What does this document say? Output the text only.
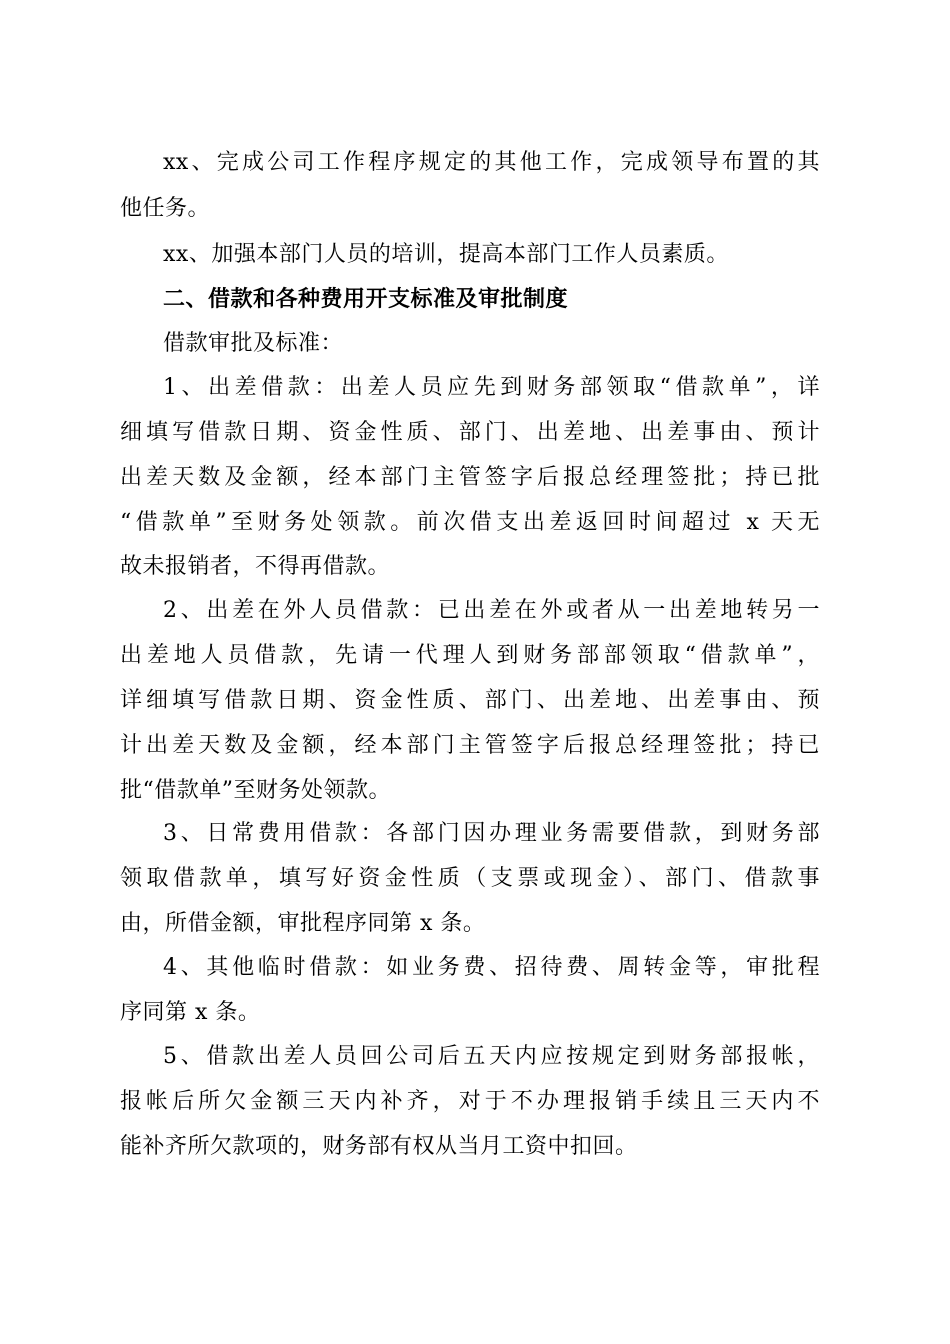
xx、完成公司工作程序规定的其他工作，完成领导布置的其
他任务。
xx、加强本部门人员的培训，提高本部门工作人员素质。
二、借款和各种费用开支标准及审批制度
借款审批及标准：
1、出差借款：出差人员应先到财务部领取“借款单”，详
细填写借款日期、资金性质、部门、出差地、出差事由、预计
出差天数及金额，经本部门主管签字后报总经理签批；持已批
“借款单”至财务处领款。前次借支出差返回时间超过 x 天无
故未报销者，不得再借款。
2、出差在外人员借款：已出差在外或者从一出差地转另一
出差地人员借款，先请一代理人到财务部部领取“借款单”，
详细填写借款日期、资金性质、部门、出差地、出差事由、预
计出差天数及金额，经本部门主管签字后报总经理签批；持已
批“借款单”至财务处领款。
3、日常费用借款：各部门因办理业务需要借款，到财务部
领取借款单，填写好资金性质（支票或现金）、部门、借款事
由，所借金额，审批程序同第 x 条。
4、其他临时借款：如业务费、招待费、周转金等，审批程
序同第 x 条。
5、借款出差人员回公司后五天内应按规定到财务部报帐，
报帐后所欠金额三天内补齐，对于不办理报销手续且三天内不
能补齐所欠款项的，财务部有权从当月工资中扣回。
